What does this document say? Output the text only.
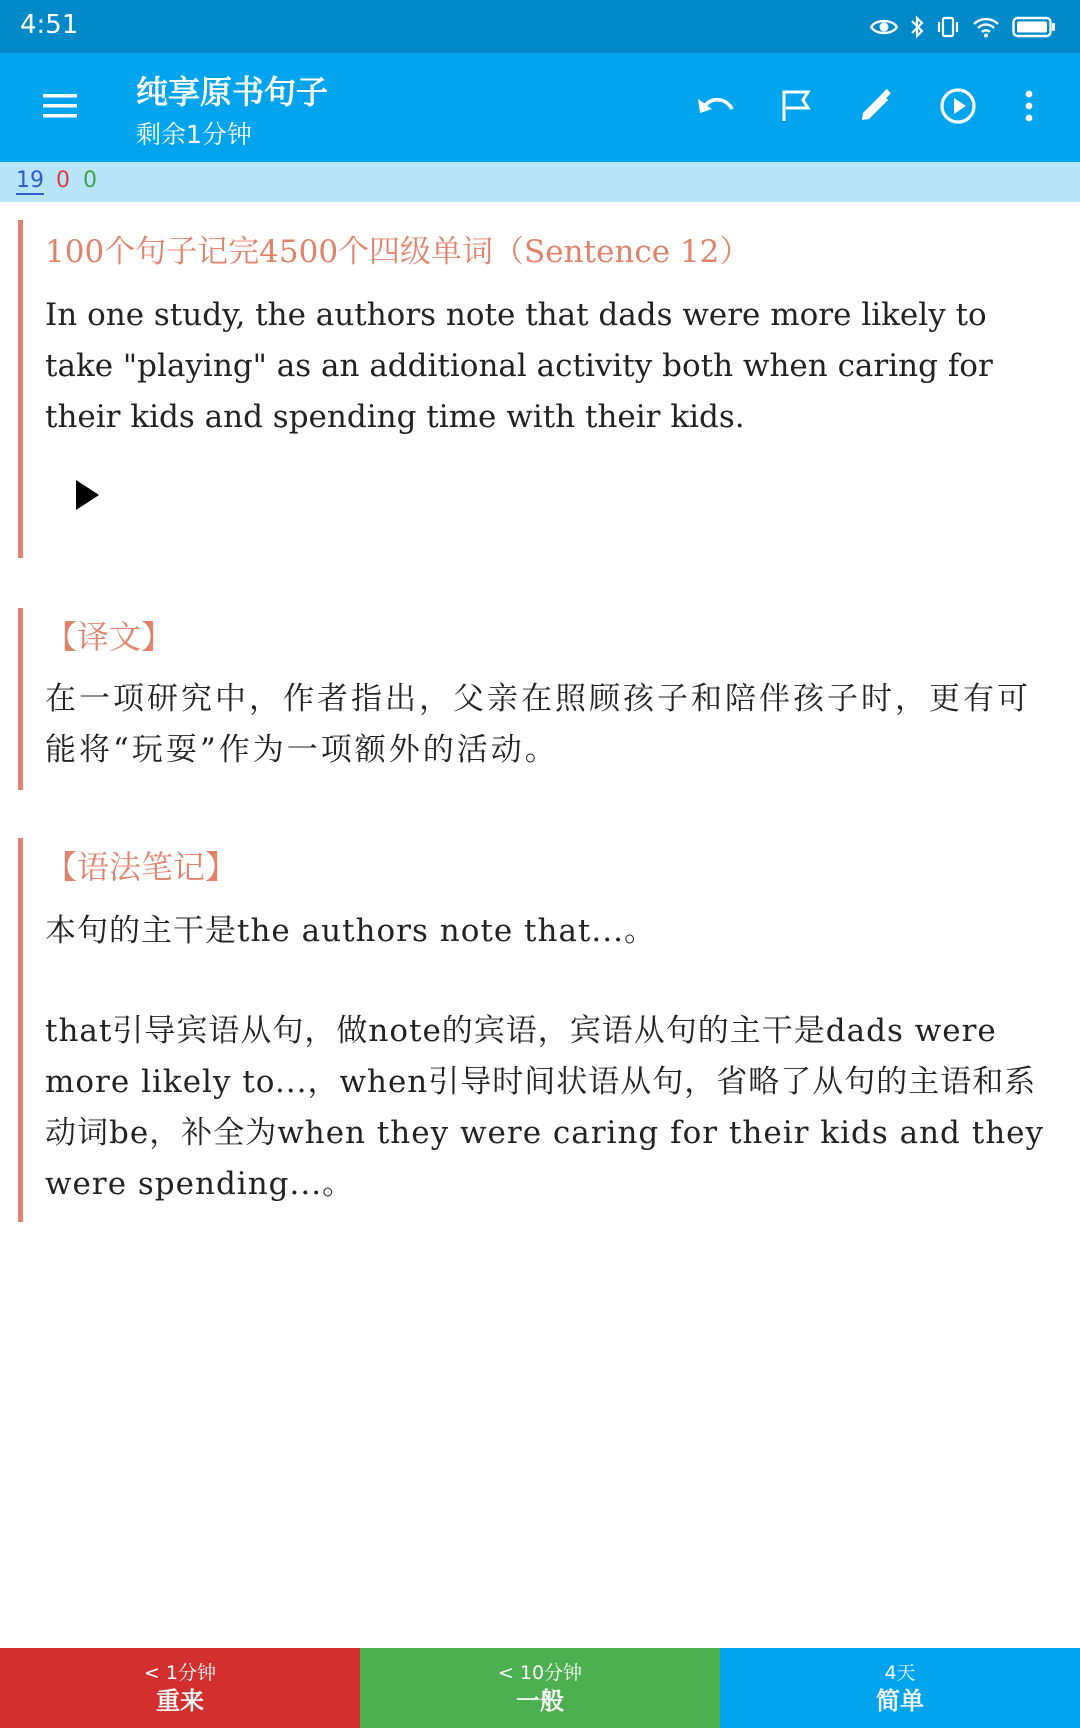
4:51
纯享原书句子
剩余1分钟
19 0 0
100个句子记完4500个四级单词（Sentence 12）
In one study, the authors note that dads were more likely to take "playing" as an additional activity both when caring for their kids and spending time with their kids.
【译文】
在一项研究中，作者指出，父亲在照顾孩子和陪伴孩子时，更有可能将“玩耍”作为一项额外的活动。
【语法笔记】
本句的主干是the authors note that...。
that引导宾语从句，做note的宾语，宾语从句的主干是dads were more likely to...，when引导时间状语从句，省略了从句的主语和系动词be，补全为when they were caring for their kids and they were spending...。
< 1分钟
重来
< 10分钟
一般
4天
简单
